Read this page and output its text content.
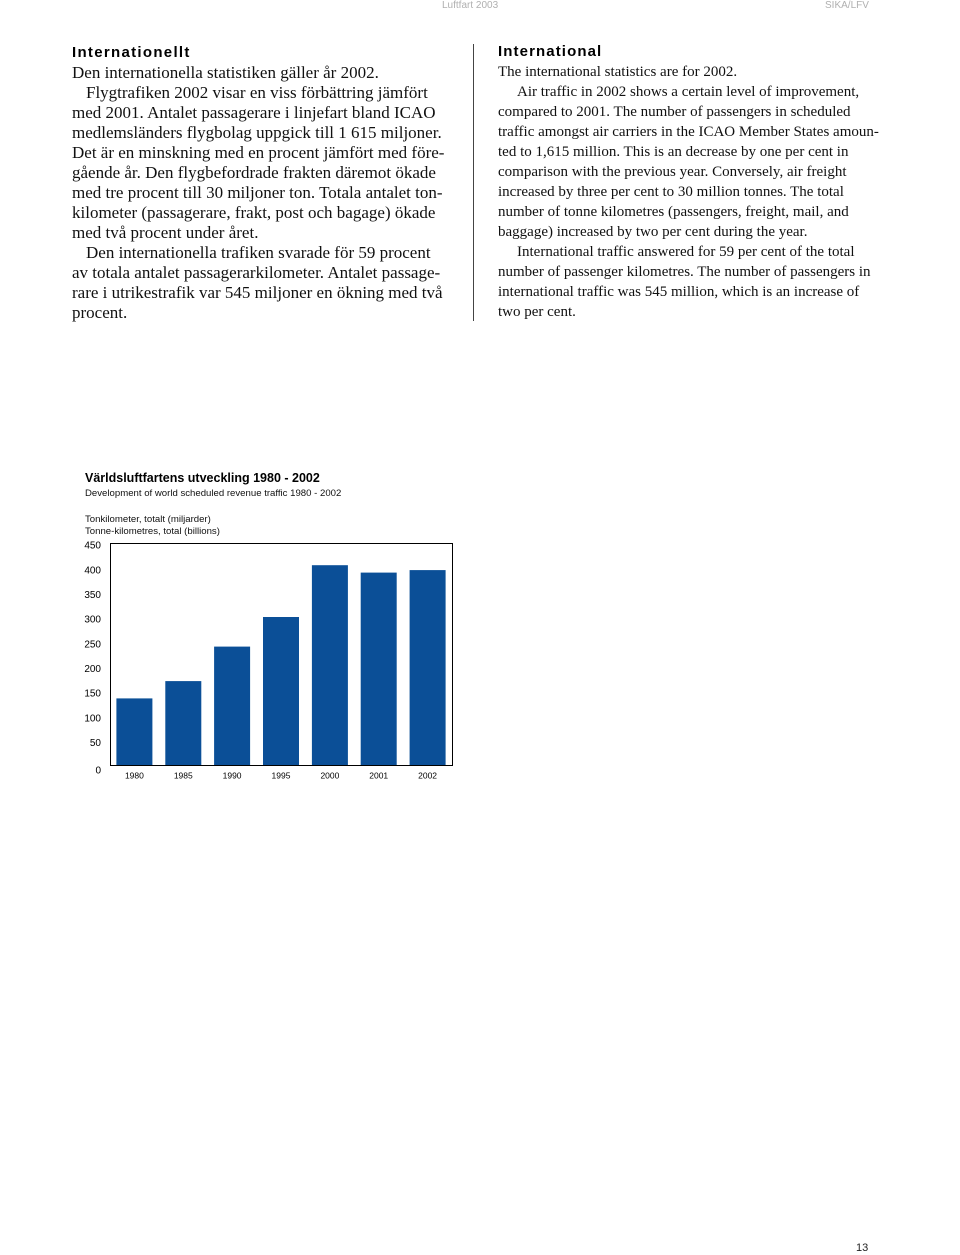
Luftfart 2003	SIKA/LFV
Internationellt
Den internationella statistiken gäller år 2002.
Flygtrafiken 2002 visar en viss förbättring jämfört
med 2001. Antalet passagerare i linjefart bland ICAO
medlemsländers flygbolag uppgick till 1 615 miljoner.
Det är en minskning med en procent jämfört med före-
gående år. Den flygbefordrade frakten däremot ökade
med tre procent till 30 miljoner ton. Totala antalet ton-
kilometer (passagerare, frakt, post och bagage) ökade
med två procent under året.
Den internationella trafiken svarade för 59 procent
av totala antalet passagerarkilometer. Antalet passage-
rare i utrikestrafik var 545 miljoner en ökning med två
procent.
International
The international statistics are for 2002.
Air traffic in 2002 shows a certain level of improvement,
compared to 2001. The number of passengers in scheduled
traffic amongst air carriers in the ICAO Member States amoun-
ted to 1,615 million. This is an decrease by one per cent in
comparison with the previous year. Conversely, air freight
increased by three per cent to 30 million tonnes. The total
number of tonne kilometres (passengers, freight, mail, and
baggage) increased by two per cent during the year.
International traffic answered for 59 per cent of the total
number of passenger kilometres. The number of passengers in
international traffic was 545 million, which is an increase of
two per cent.
Världsluftfartens utveckling 1980 - 2002
Development of world scheduled revenue traffic 1980 - 2002
Tonkilometer, totalt (miljarder)
Tonne-kilometres, total (billions)
0
50
100
150
200
250
300
350
400
450
1980	1985	1990	1995	2000	2001	2002
13
